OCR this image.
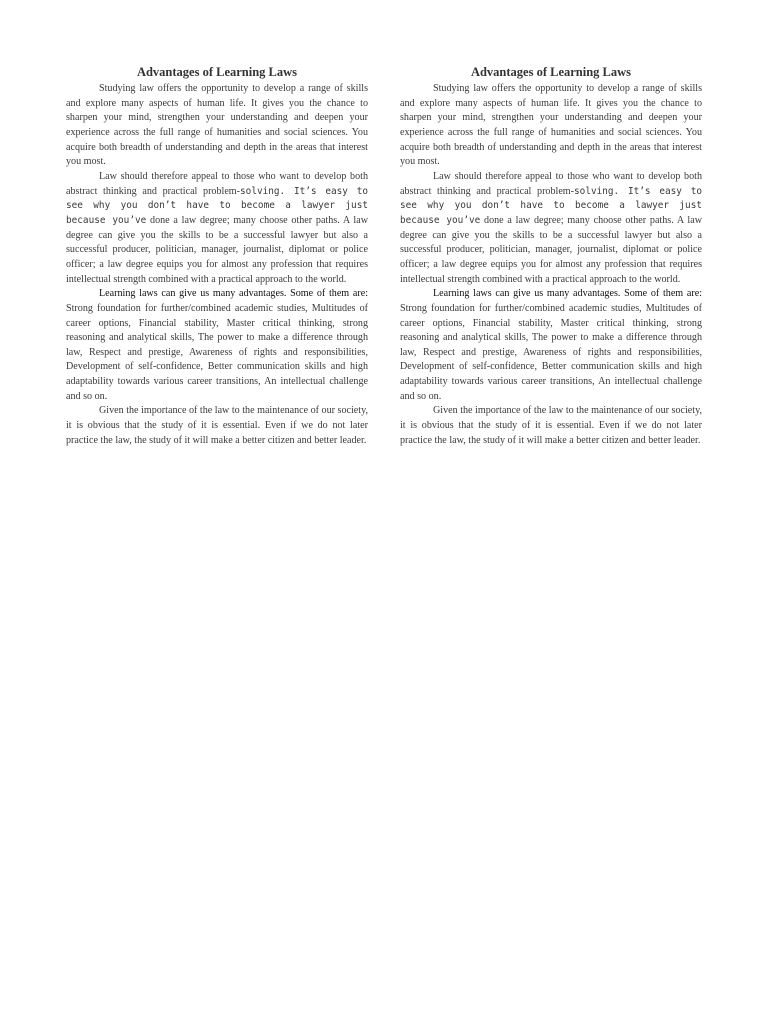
Advantages of Learning Laws

Studying law offers the opportunity to develop a range of skills and explore many aspects of human life. It gives you the chance to sharpen your mind, strengthen your understanding and deepen your experience across the full range of humanities and social sciences. You acquire both breadth of understanding and depth in the areas that interest you most.

Law should therefore appeal to those who want to develop both abstract thinking and practical problem-solving. It’s easy to see why you don’t have to become a lawyer just because you’ve done a law degree; many choose other paths. A law degree can give you the skills to be a successful lawyer but also a successful producer, politician, manager, journalist, diplomat or police officer; a law degree equips you for almost any profession that requires intellectual strength combined with a practical approach to the world.

Learning laws can give us many advantages. Some of them are: Strong foundation for further/combined academic studies, Multitudes of career options, Financial stability, Master critical thinking, strong reasoning and analytical skills, The power to make a difference through law, Respect and prestige, Awareness of rights and responsibilities, Development of self-confidence, Better communication skills and high adaptability towards various career transitions, An intellectual challenge and so on.

Given the importance of the law to the maintenance of our society, it is obvious that the study of it is essential. Even if we do not later practice the law, the study of it will make a better citizen and better leader.

Advantages of Learning Laws

Studying law offers the opportunity to develop a range of skills and explore many aspects of human life. It gives you the chance to sharpen your mind, strengthen your understanding and deepen your experience across the full range of humanities and social sciences. You acquire both breadth of understanding and depth in the areas that interest you most.

Law should therefore appeal to those who want to develop both abstract thinking and practical problem-solving. It’s easy to see why you don’t have to become a lawyer just because you’ve done a law degree; many choose other paths. A law degree can give you the skills to be a successful lawyer but also a successful producer, politician, manager, journalist, diplomat or police officer; a law degree equips you for almost any profession that requires intellectual strength combined with a practical approach to the world.

Learning laws can give us many advantages. Some of them are: Strong foundation for further/combined academic studies, Multitudes of career options, Financial stability, Master critical thinking, strong reasoning and analytical skills, The power to make a difference through law, Respect and prestige, Awareness of rights and responsibilities, Development of self-confidence, Better communication skills and high adaptability towards various career transitions, An intellectual challenge and so on.

Given the importance of the law to the maintenance of our society, it is obvious that the study of it is essential. Even if we do not later practice the law, the study of it will make a better citizen and better leader.
